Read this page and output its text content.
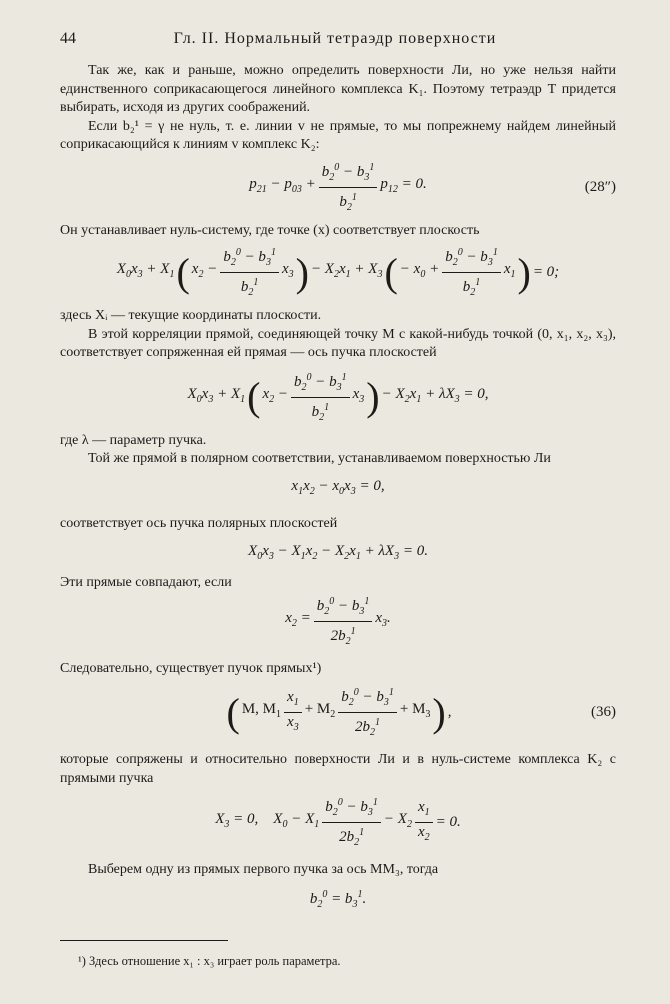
44	Гл. II. Нормальный тетраэдр поверхности

Так же, как и раньше, можно определить поверхности Ли, но уже нельзя найти единственного соприкасающегося линейного комплекса K₁. Поэтому тетраэдр T придется выбирать, исходя из других соображений.

Если b₂¹ = γ не нуль, т. е. линии v не прямые, то мы попрежнему найдем линейный соприкасающийся к линиям v комплекс K₂:

$p_{21} - p_{03} + \frac{b_2^0 - b_3^1}{b_2^1} p_{12} = 0$.	(28″)

Он устанавливает нуль-систему, где точке (x) соответствует плоскость

$X_0x_3 + X_1$ ( $x_2 - \frac{b_2^0 - b_3^1}{b_2^1} x_3$ ) − $X_2x_1 + X_3$ ( − $x_0 + \frac{b_2^0 - b_3^1}{b_2^1} x_1$ ) = 0;

здесь Xᵢ — текущие координаты плоскости.

В этой корреляции прямой, соединяющей точку M с какой-нибудь точкой (0, x₁, x₂, x₃), соответствует сопряженная ей прямая — ось пучка плоскостей

$X_0x_3 + X_1$ ( $x_2 - \frac{b_2^0 - b_3^1}{b_2^1} x_3$ ) − $X_2x_1 + \lambda X_3 = 0$,

где λ — параметр пучка.

Той же прямой в полярном соответствии, устанавливаемом поверхностью Ли

$x_1x_2 - x_0x_3 = 0$,

соответствует ось пучка полярных плоскостей

$X_0x_3 - X_1x_2 - X_2x_1 + \lambda X_3 = 0$.

Эти прямые совпадают, если

$x_2 = \frac{b_2^0 - b_3^1}{2b_2^1} x_3$.

Следовательно, существует пучок прямых¹)

( M, $M_1$
$x_1$
$x_3$
+ $M_2$
$b_2^0 - b_3^1$
$2b_2^1$
+ $M_3$ ) ,	(36)

которые сопряжены и относительно поверхности Ли и в нуль-системе комплекса K₂ с прямыми пучка

$X_3 = 0$,    $X_0 - X_1$
$b_2^0 - b_3^1$
$2b_2^1$
− $X_2 \frac{x_1}{x_2} = 0$.

Выберем одну из прямых первого пучка за ось MM₃, тогда

$b_2^0 = b_3^1$.
¹) Здесь отношение x₁ : x₃ играет роль параметра.
